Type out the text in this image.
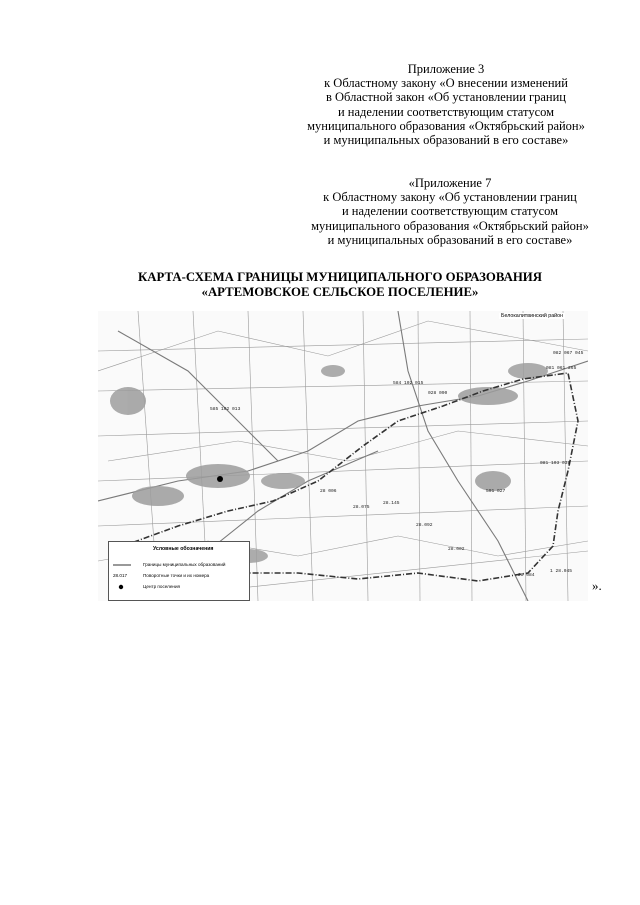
Приложение 3
к Областному закону «О внесении изменений
в Областной закон «Об установлении границ
и наделении соответствующим статусом
муниципального образования «Октябрьский район»
и муниципальных образований в его составе»
«Приложение 7
к Областному закону «Об установлении границ
и наделении соответствующим статусом
муниципального образования «Октябрьский район»
и муниципальных образований в его составе»
КАРТА-СХЕМА ГРАНИЦЫ МУНИЦИПАЛЬНОГО ОБРАЗОВАНИЯ
«АРТЕМОВСКОЕ СЕЛЬСКОЕ ПОСЕЛЕНИЕ»
585 102 013
028 090
584 102 015
081 061 265
081 103 038
082 067 045
1 28.045
28 006
28.075
28.145
591 027
28.092
28.002
28 084
Белокалитвинский район
Условные обозначения
Границы муниципальных образований
28.017	Поворотные точки и их номера
Центр поселения	».
